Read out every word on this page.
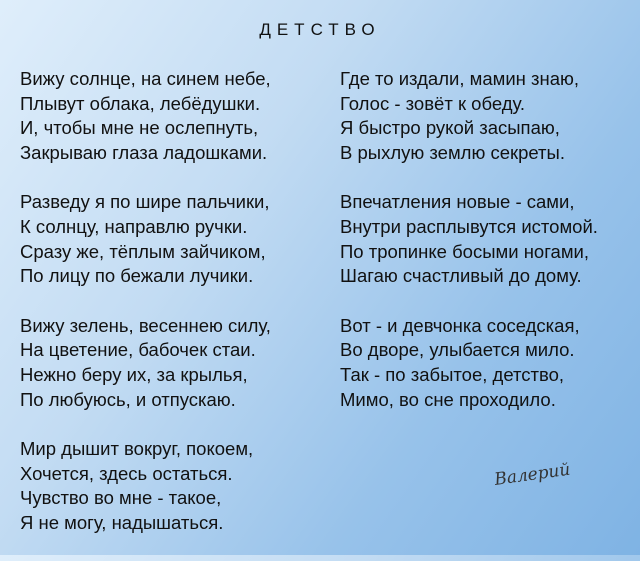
ДЕТСТВО
Вижу солнце, на синем небе,
Плывут облака, лебёдушки.
И, чтобы мне не ослепнуть,
Закрываю глаза ладошками.
Разведу я по шире пальчики,
К солнцу, направлю ручки.
Сразу же, тёплым зайчиком,
По лицу по бежали лучики.
Вижу зелень, весеннею силу,
На цветение, бабочек стаи.
Нежно беру их, за крылья,
По любуюсь, и отпускаю.
Мир дышит вокруг, покоем,
Хочется, здесь остаться.
Чувство во мне - такое,
Я не могу, надышаться.
Где то издали, мамин знаю,
Голос - зовёт к обеду.
Я быстро рукой засыпаю,
В рыхлую землю секреты.
Впечатления новые - сами,
Внутри расплывутся истомой.
По тропинке босыми ногами,
Шагаю счастливый до дому.
Вот - и девчонка соседская,
Во дворе, улыбается мило.
Так - по забытое, детство,
Мимо, во сне проходило.
Валерий
